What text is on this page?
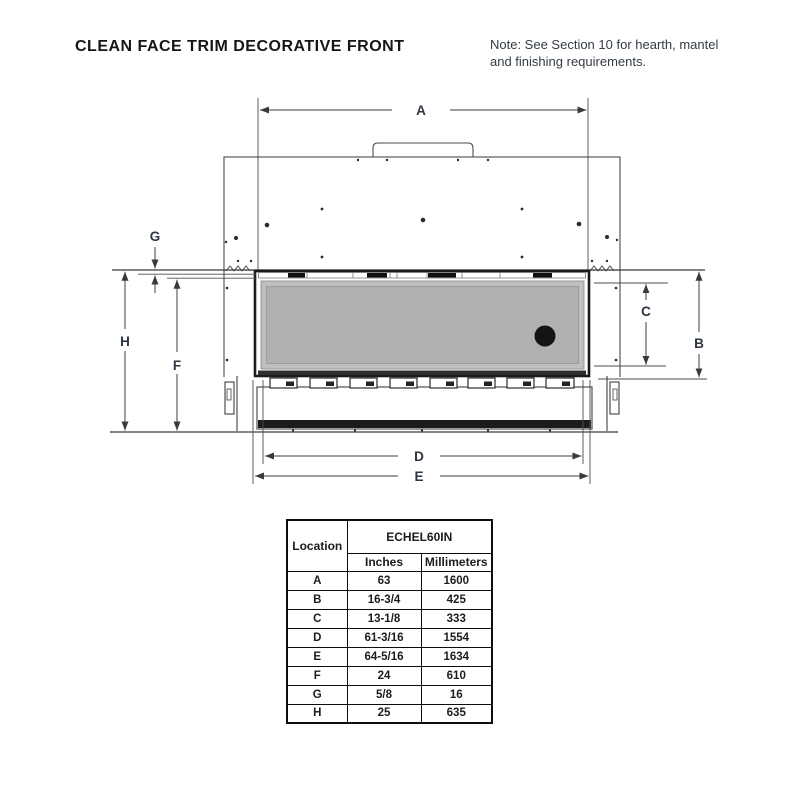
CLEAN FACE TRIM DECORATIVE FRONT	Note: See Section 10 for hearth, mantel
and finishing requirements.
A
B
C
D
E
F
G
H
Location	ECHEL60IN	
	Inches	Millimeters
A	63	1600
B	16-3/4	425
C	13-1/8	333
D	61-3/16	1554
E	64-5/16	1634
F	24	610
G	5/8	16
H	25	635
